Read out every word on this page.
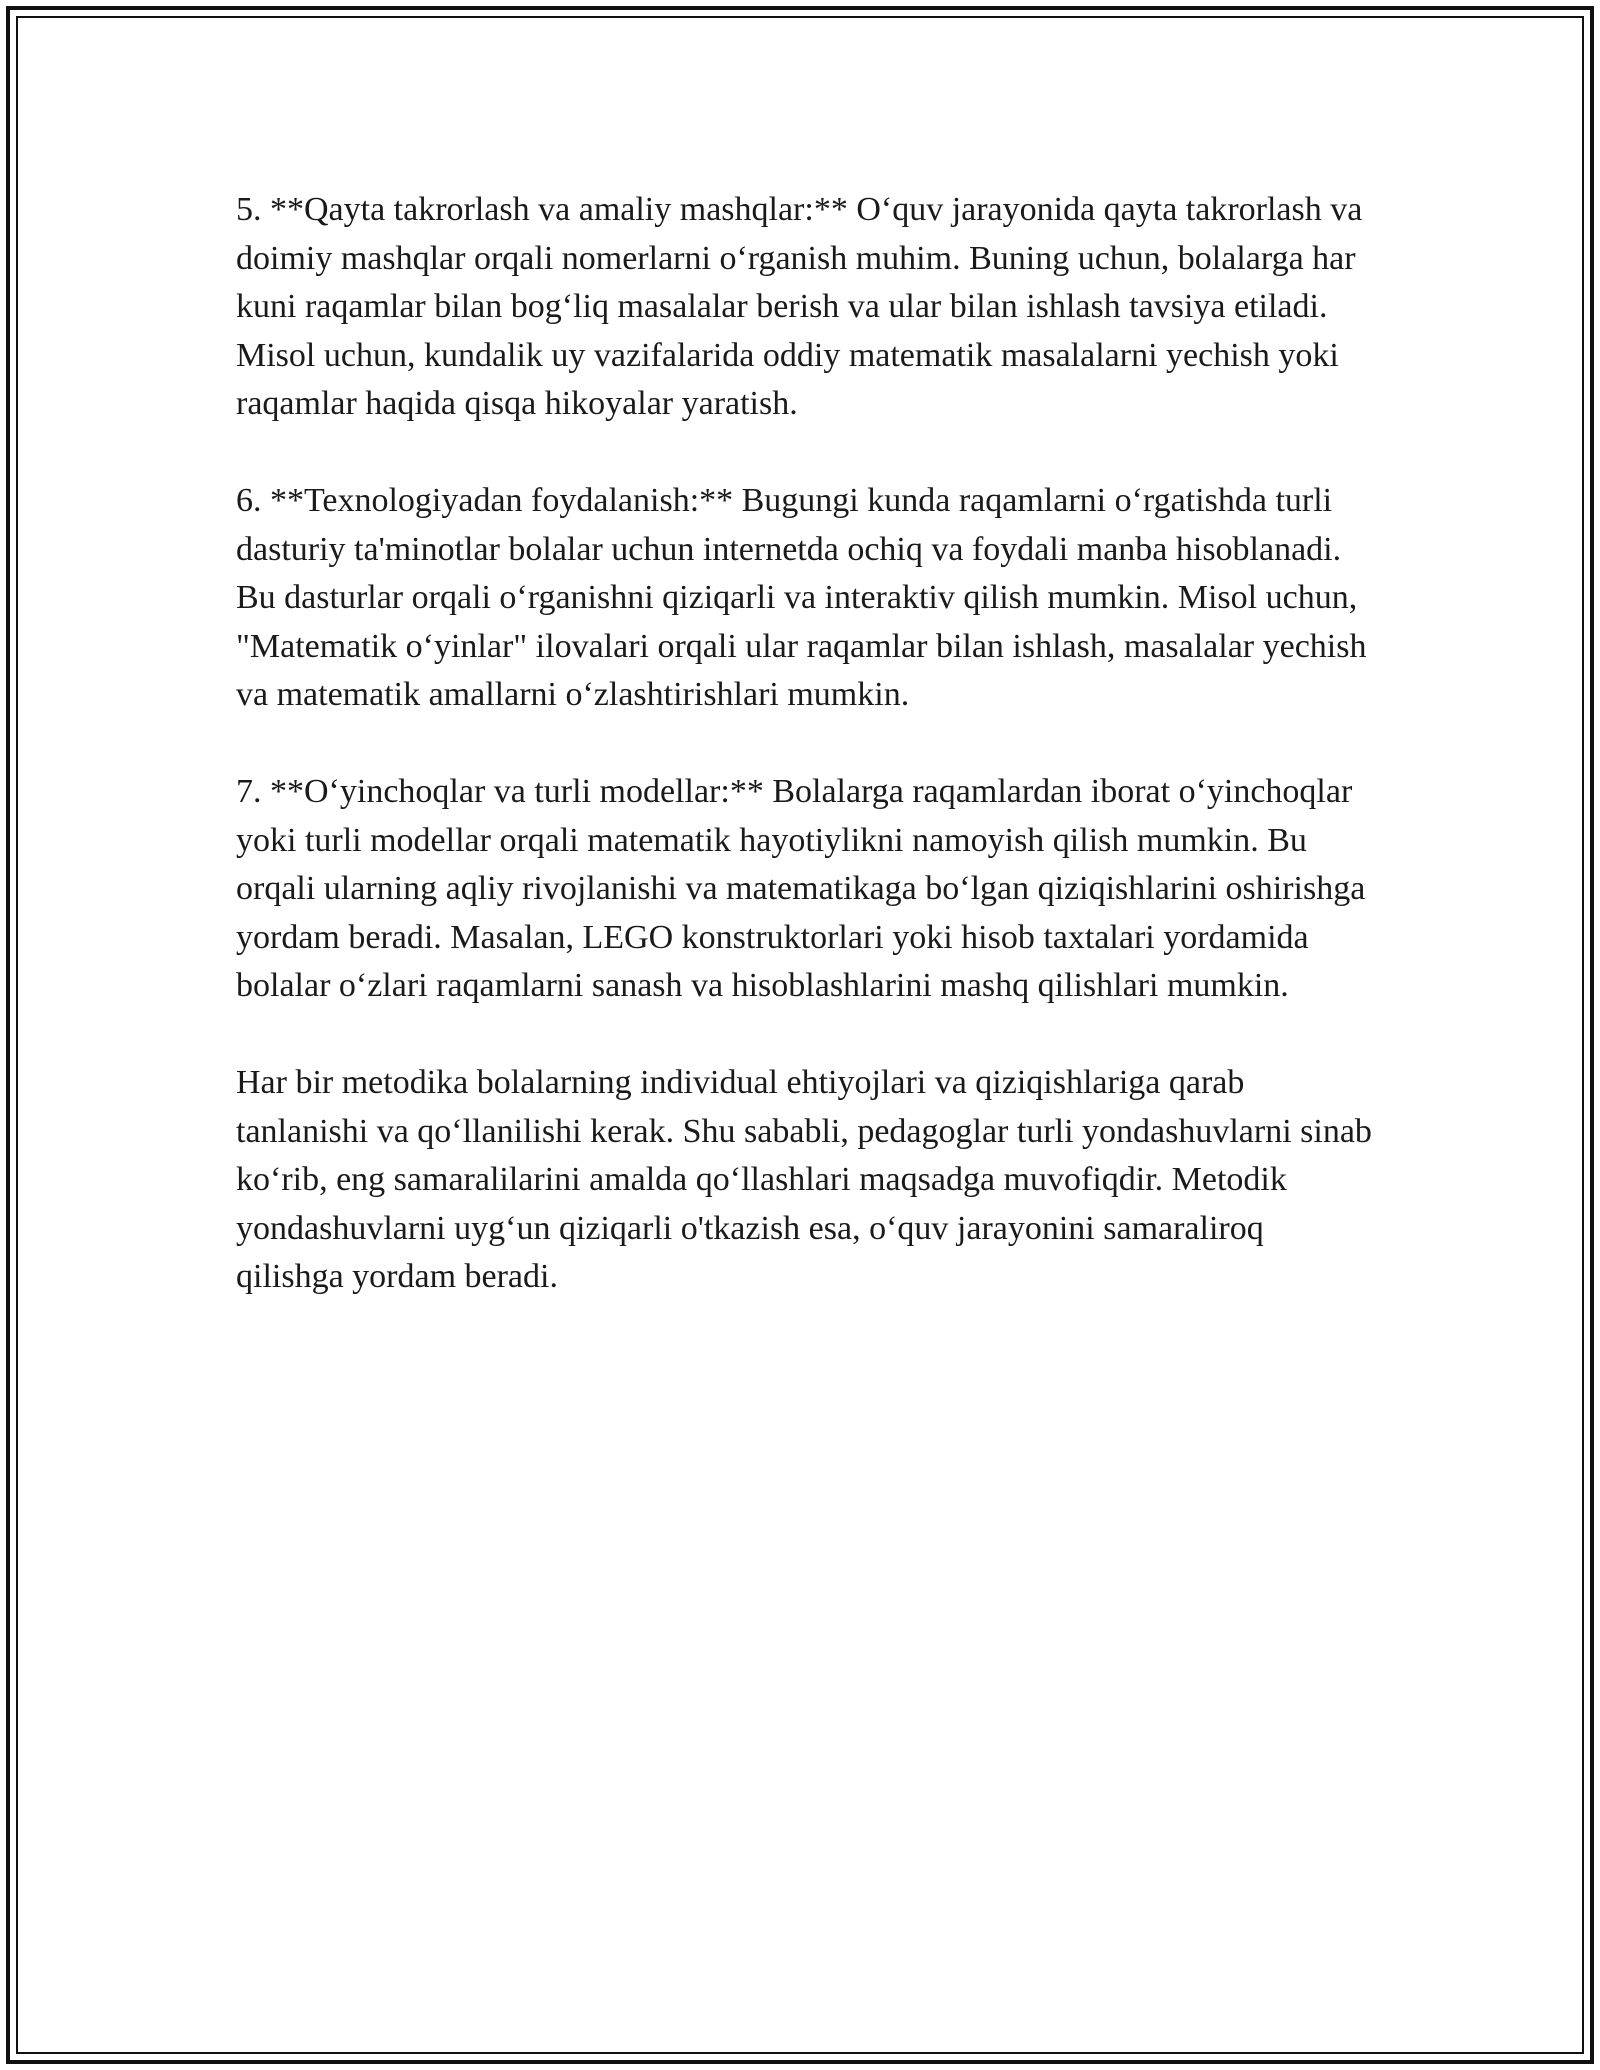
5. **Qayta takrorlash va amaliy mashqlar:** O‘quv jarayonida qayta takrorlash va doimiy mashqlar orqali nomerlarni o‘rganish muhim. Buning uchun, bolalarga har kuni raqamlar bilan bog‘liq masalalar berish va ular bilan ishlash tavsiya etiladi. Misol uchun, kundalik uy vazifalarida oddiy matematik masalalarni yechish yoki raqamlar haqida qisqa hikoyalar yaratish.

6. **Texnologiyadan foydalanish:** Bugungi kunda raqamlarni o‘rgatishda turli dasturiy ta'minotlar bolalar uchun internetda ochiq va foydali manba hisoblanadi. Bu dasturlar orqali o‘rganishni qiziqarli va interaktiv qilish mumkin. Misol uchun, "Matematik o‘yinlar" ilovalari orqali ular raqamlar bilan ishlash, masalalar yechish va matematik amallarni o‘zlashtirishlari mumkin.

7. **O‘yinchoqlar va turli modellar:** Bolalarga raqamlardan iborat o‘yinchoqlar yoki turli modellar orqali matematik hayotiylikni namoyish qilish mumkin. Bu orqali ularning aqliy rivojlanishi va matematikaga bo‘lgan qiziqishlarini oshirishga yordam beradi. Masalan, LEGO konstruktorlari yoki hisob taxtalari yordamida bolalar o‘zlari raqamlarni sanash va hisoblashlarini mashq qilishlari mumkin.

Har bir metodika bolalarning individual ehtiyojlari va qiziqishlariga qarab tanlanishi va qo‘llanilishi kerak. Shu sababli, pedagoglar turli yondashuvlarni sinab ko‘rib, eng samaralilarini amalda qo‘llashlari maqsadga muvofiqdir. Metodik yondashuvlarni uyg‘un qiziqarli o'tkazish esa, o‘quv jarayonini samaraliroq qilishga yordam beradi.
